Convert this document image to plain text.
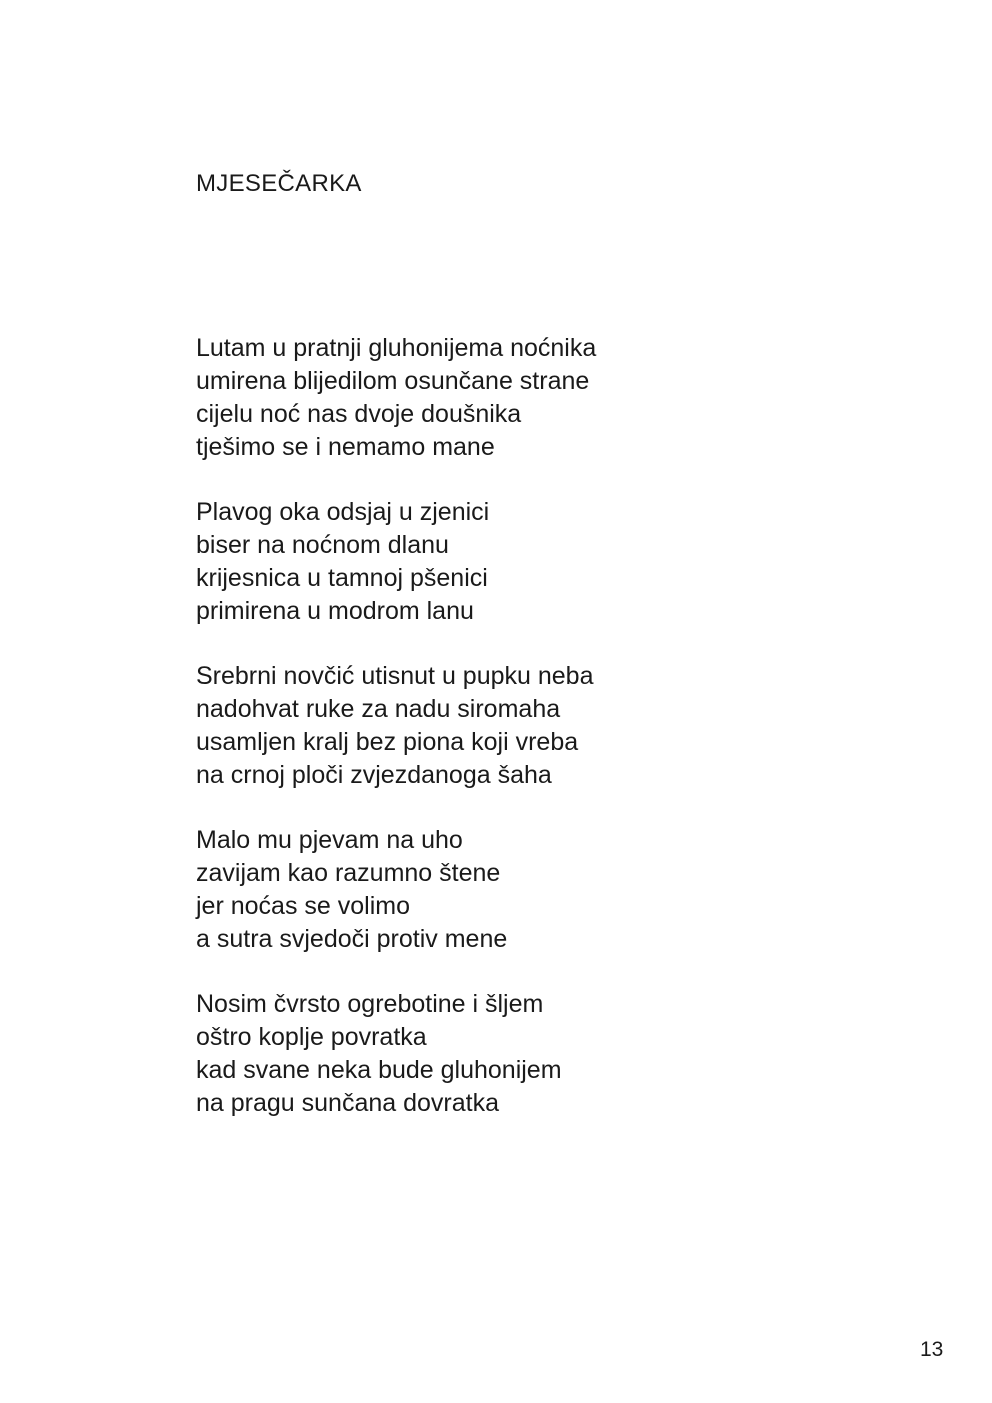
MJESEČARKA
Lutam u pratnji gluhonijema noćnika
umirena blijedilom osunčane strane
cijelu noć nas dvoje doušnika
tješimo se i nemamo mane
Plavog oka odsjaj u zjenici
biser na noćnom dlanu
krijesnica u tamnoj pšenici
primirena u modrom lanu
Srebrni novčić utisnut u pupku neba
nadohvat ruke za nadu siromaha
usamljen kralj bez piona koji vreba
na crnoj ploči zvjezdanoga šaha
Malo mu pjevam na uho
zavijam kao razumno štene
jer noćas se volimo
a sutra svjedoči protiv mene
Nosim čvrsto ogrebotine i šljem
oštro koplje povratka
kad svane neka bude gluhonijem
na pragu sunčana dovratka
13
